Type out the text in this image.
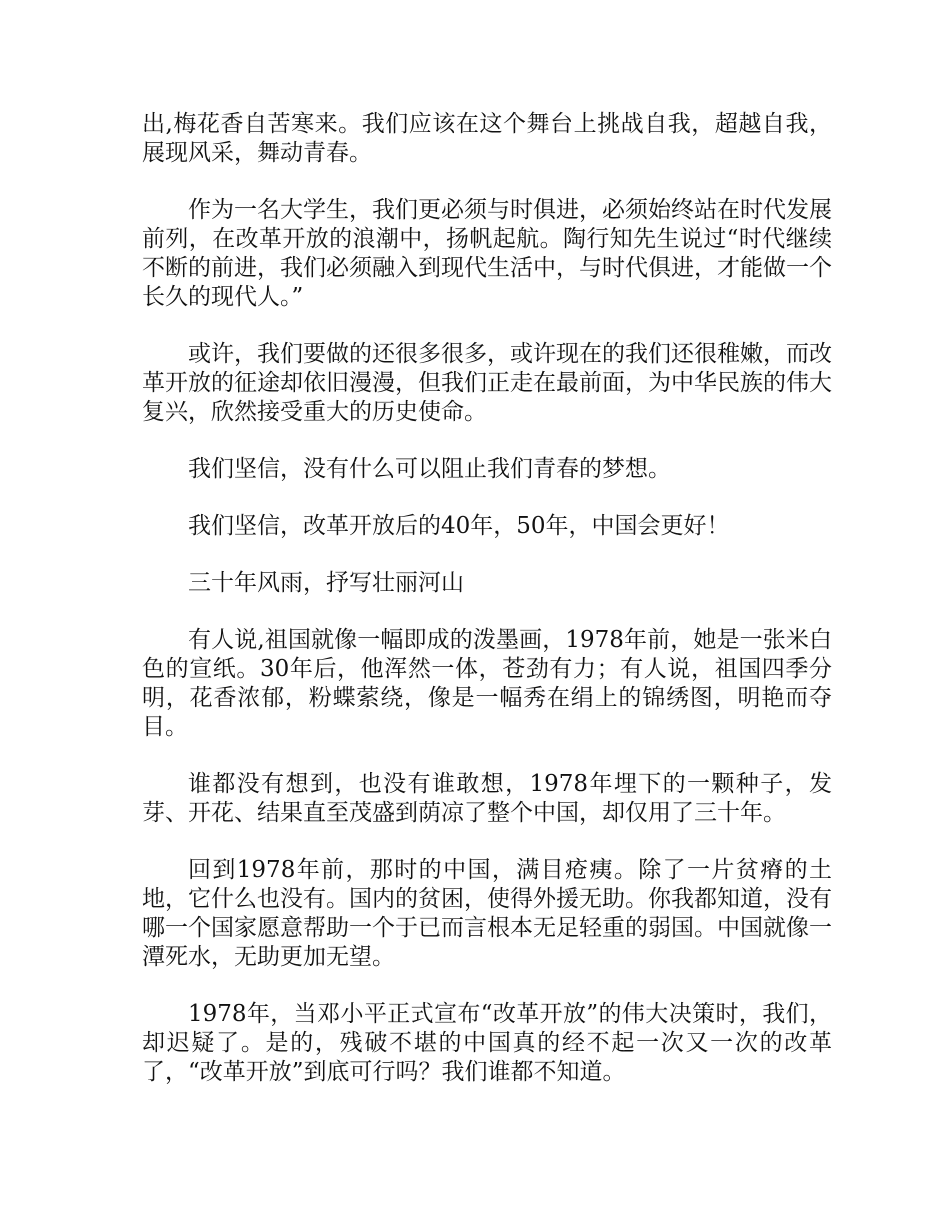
出,梅花香自苦寒来。我们应该在这个舞台上挑战自我，超越自我，展现风采，舞动青春。

作为一名大学生，我们更必须与时俱进，必须始终站在时代发展前列，在改革开放的浪潮中，扬帆起航。陶行知先生说过“时代继续不断的前进，我们必须融入到现代生活中，与时代俱进，才能做一个长久的现代人。”

或许，我们要做的还很多很多，或许现在的我们还很稚嫩，而改革开放的征途却依旧漫漫，但我们正走在最前面，为中华民族的伟大复兴，欣然接受重大的历史使命。

我们坚信，没有什么可以阻止我们青春的梦想。

我们坚信，改革开放后的40年，50年，中国会更好！

三十年风雨，抒写壮丽河山

有人说,祖国就像一幅即成的泼墨画，1978年前，她是一张米白色的宣纸。30年后，他浑然一体，苍劲有力；有人说，祖国四季分明，花香浓郁，粉蝶萦绕，像是一幅秀在绢上的锦绣图，明艳而夺目。

谁都没有想到，也没有谁敢想，1978年埋下的一颗种子，发芽、开花、结果直至茂盛到荫凉了整个中国，却仅用了三十年。

回到1978年前，那时的中国，满目疮痍。除了一片贫瘠的土地，它什么也没有。国内的贫困，使得外援无助。你我都知道，没有哪一个国家愿意帮助一个于已而言根本无足轻重的弱国。中国就像一潭死水，无助更加无望。

1978年，当邓小平正式宣布“改革开放”的伟大决策时，我们，却迟疑了。是的，残破不堪的中国真的经不起一次又一次的改革了，“改革开放”到底可行吗？我们谁都不知道。
